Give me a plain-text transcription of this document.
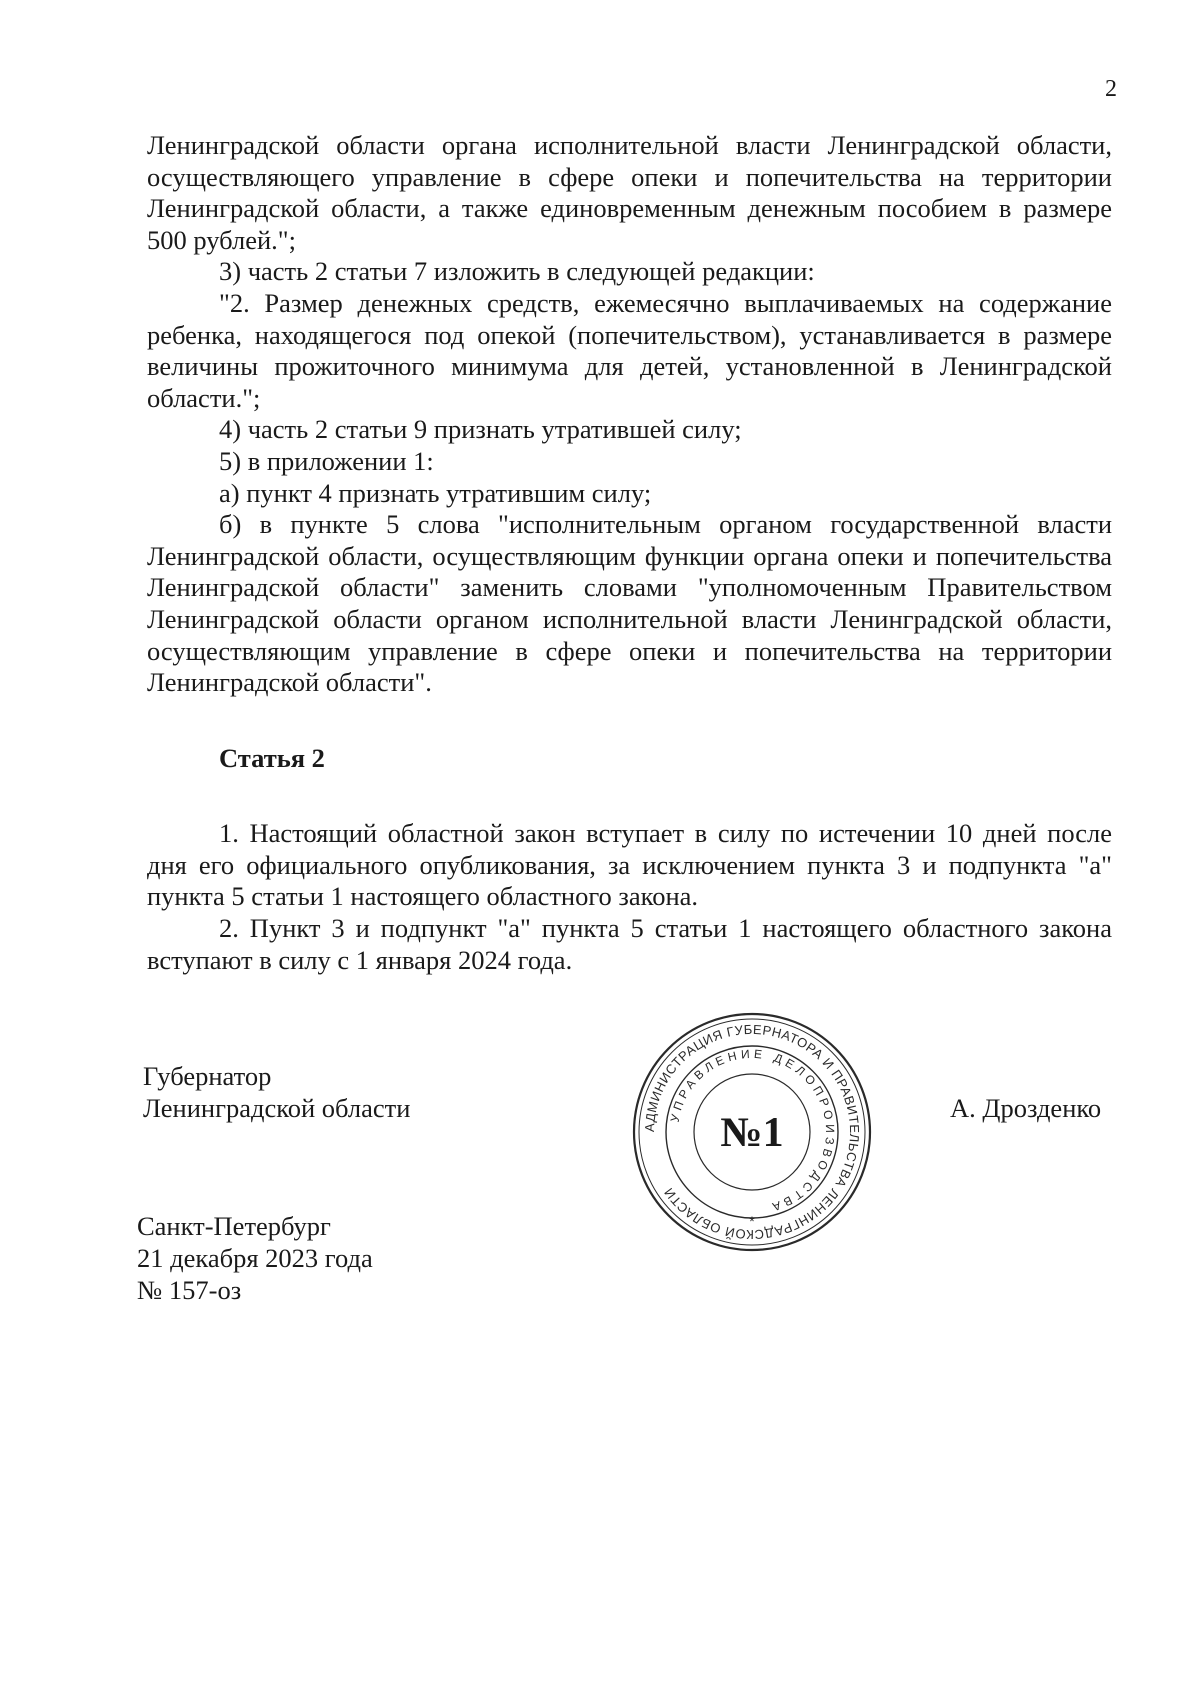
2

Ленинградской области органа исполнительной власти Ленинградской области, осуществляющего управление в сфере опеки и попечительства на территории Ленинградской области, а также единовременным денежным пособием в размере 500 рублей.";

3) часть 2 статьи 7 изложить в следующей редакции:

"2. Размер денежных средств, ежемесячно выплачиваемых на содержание ребенка, находящегося под опекой (попечительством), устанавливается в размере величины прожиточного минимума для детей, установленной в Ленинградской области.";

4) часть 2 статьи 9 признать утратившей силу;

5) в приложении 1:

а) пункт 4 признать утратившим силу;

б) в пункте 5 слова "исполнительным органом государственной власти Ленинградской области, осуществляющим функции органа опеки и попечительства Ленинградской области" заменить словами "уполномоченным Правительством Ленинградской области органом исполнительной власти Ленинградской области, осуществляющим управление в сфере опеки и попечительства на территории Ленинградской области".

Статья 2

1. Настоящий областной закон вступает в силу по истечении 10 дней после дня его официального опубликования, за исключением пункта 3 и подпункта "а" пункта 5 статьи 1 настоящего областного закона.

2. Пункт 3 и подпункт "а" пункта 5 статьи 1 настоящего областного закона вступают в силу с 1 января 2024 года.

Губернатор
Ленинградской области
АДМИНИСТРАЦИЯ ГУБЕРНАТОРА И ПРАВИТЕЛЬСТВА ЛЕНИНГРАДСКОЙ ОБЛАСТИ
УПРАВЛЕНИЕ ДЕЛОПРОИЗВОДСТВА
№1
*
А. Дрозденко
Санкт-Петербург
21 декабря 2023 года
№ 157-оз
